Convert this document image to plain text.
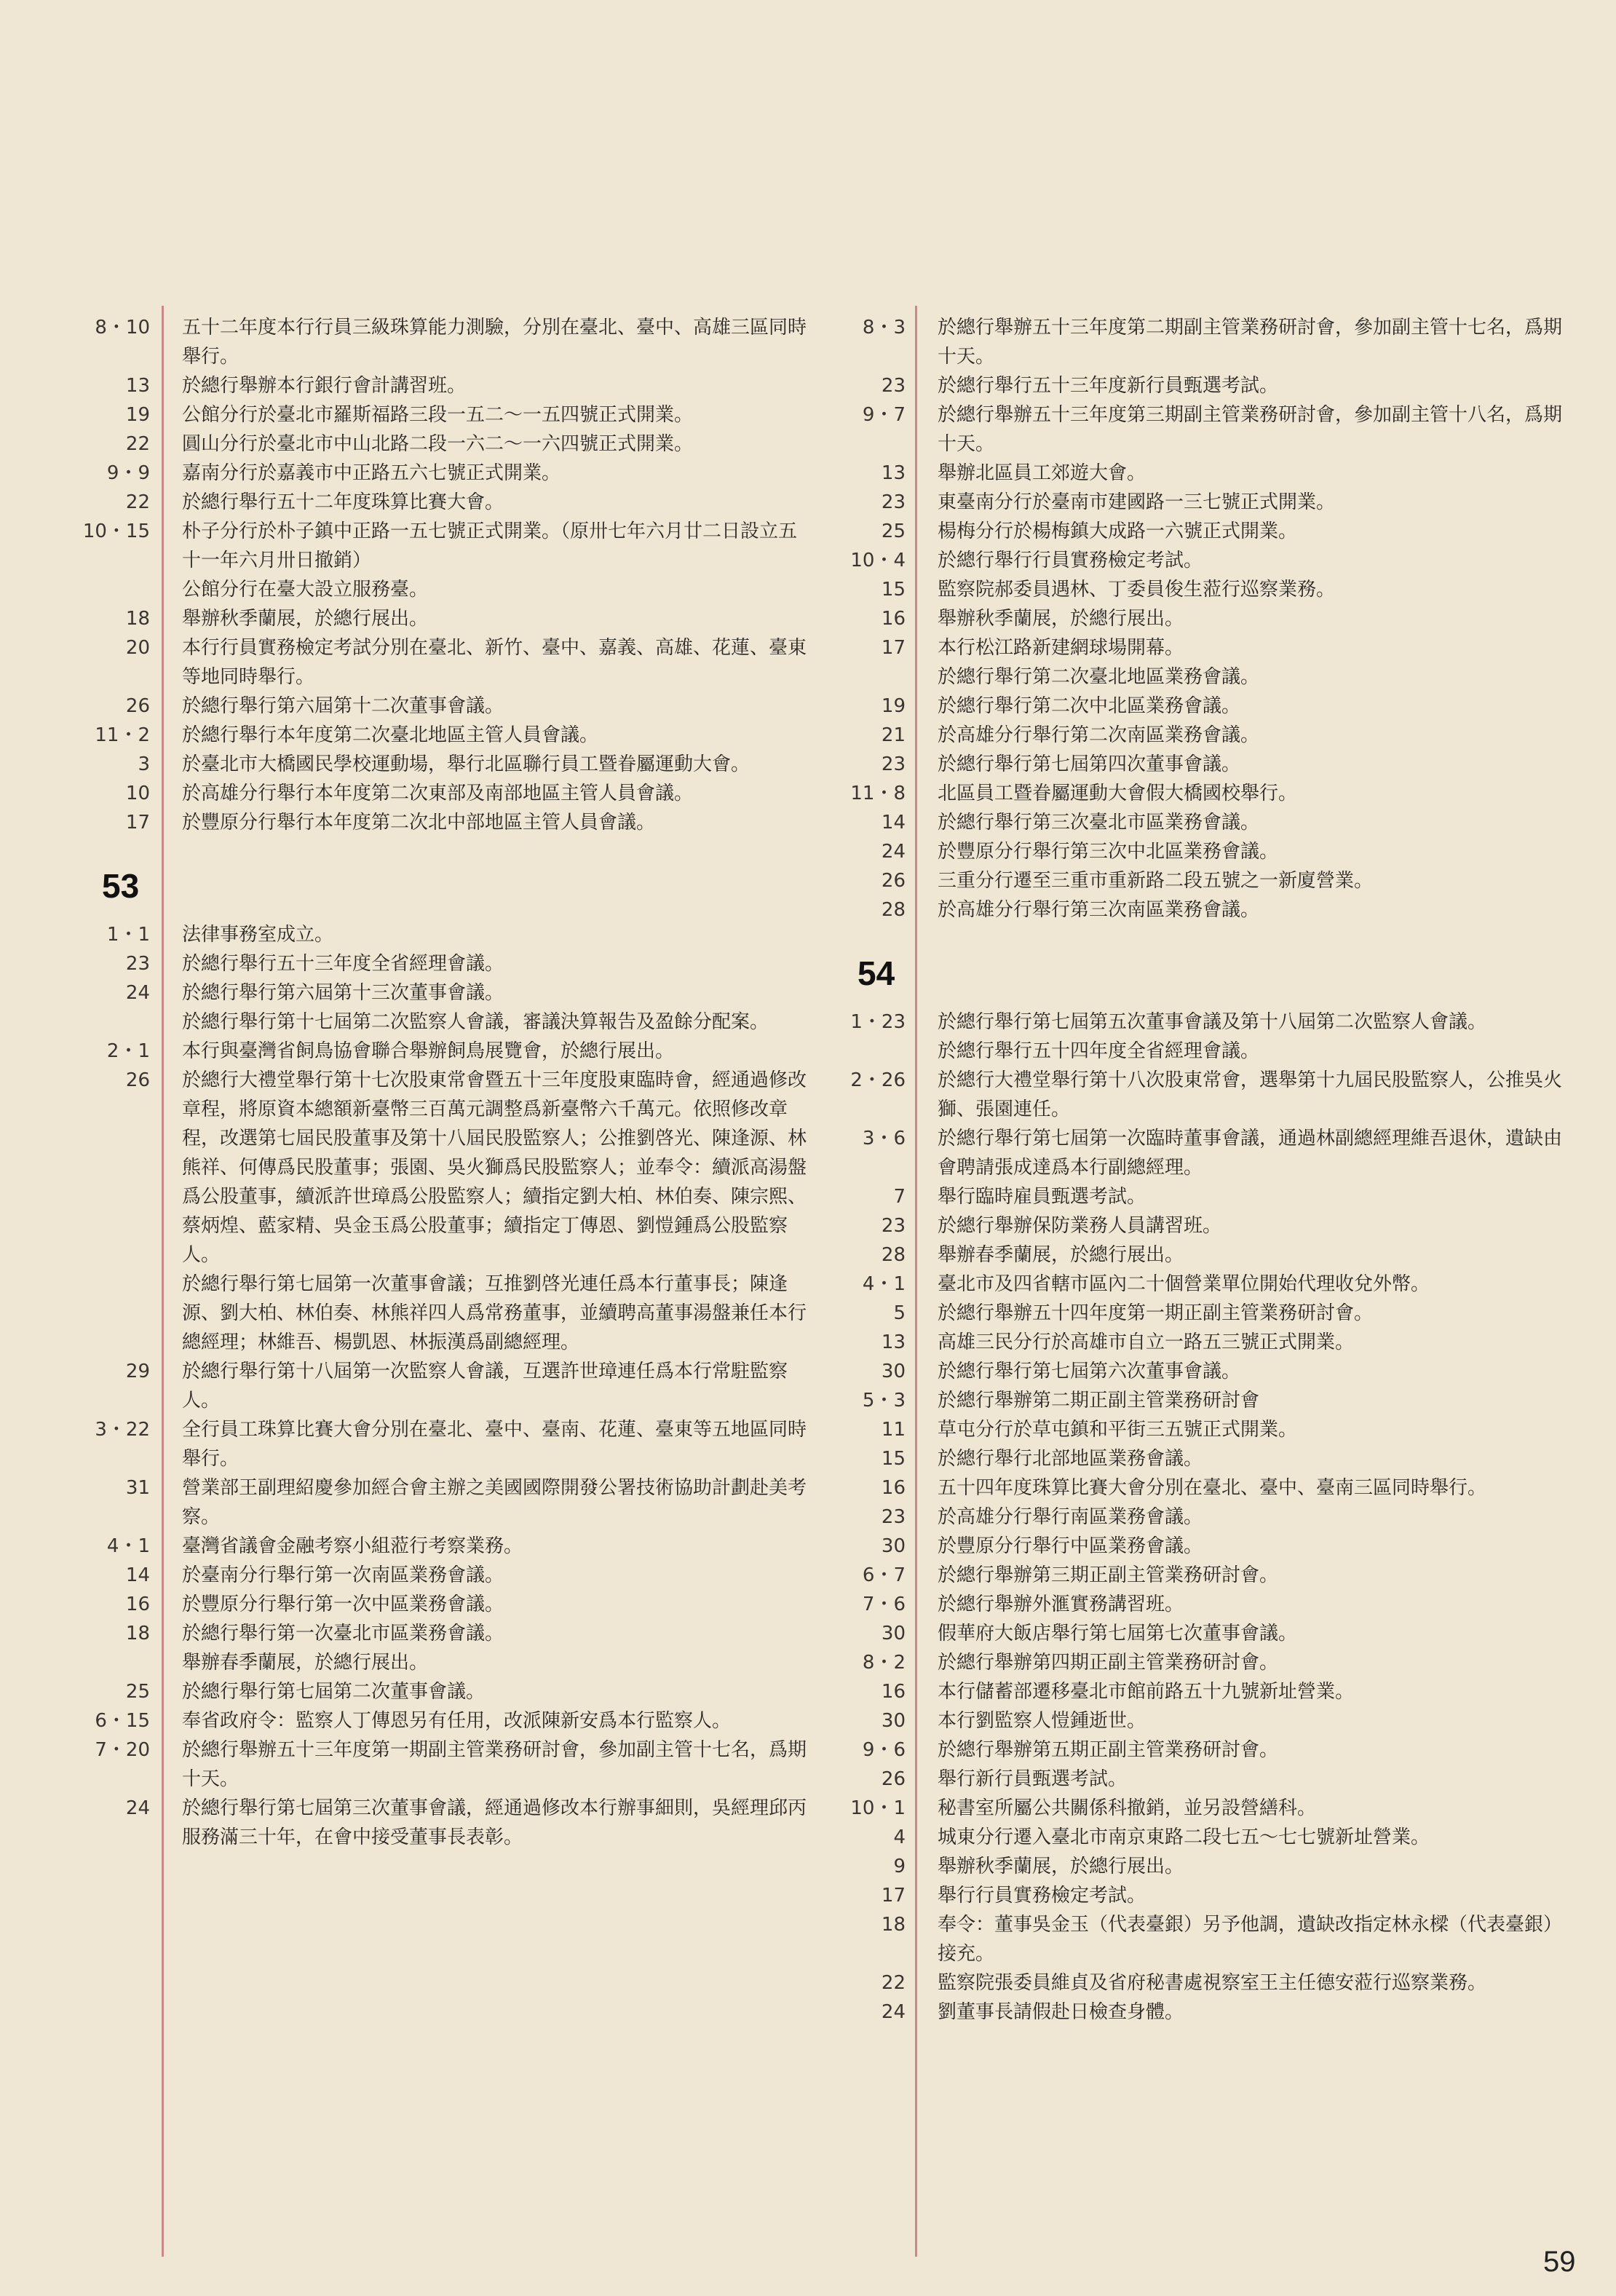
8・10	五十二年度本行行員三級珠算能力測驗，分別在臺北、臺中、高雄三區同時舉行。
13	於總行舉辦本行銀行會計講習班。
19	公館分行於臺北市羅斯福路三段一五二～一五四號正式開業。
22	圓山分行於臺北市中山北路二段一六二～一六四號正式開業。
9・9	嘉南分行於嘉義市中正路五六七號正式開業。
22	於總行舉行五十二年度珠算比賽大會。
10・15	朴子分行於朴子鎮中正路一五七號正式開業。（原卅七年六月廿二日設立五十一年六月卅日撤銷）
公館分行在臺大設立服務臺。
18	舉辦秋季蘭展，於總行展出。
20	本行行員實務檢定考試分別在臺北、新竹、臺中、嘉義、高雄、花蓮、臺東等地同時舉行。
26	於總行舉行第六屆第十二次董事會議。
11・2	於總行舉行本年度第二次臺北地區主管人員會議。
3	於臺北市大橋國民學校運動場，舉行北區聯行員工暨眷屬運動大會。
10	於高雄分行舉行本年度第二次東部及南部地區主管人員會議。
17	於豐原分行舉行本年度第二次北中部地區主管人員會議。
53
1・1	法律事務室成立。
23	於總行舉行五十三年度全省經理會議。
24	於總行舉行第六屆第十三次董事會議。
於總行舉行第十七屆第二次監察人會議，審議決算報告及盈餘分配案。
2・1	本行與臺灣省飼鳥協會聯合舉辦飼鳥展覽會，於總行展出。
26	於總行大禮堂舉行第十七次股東常會暨五十三年度股東臨時會，經通過修改章程，將原資本總額新臺幣三百萬元調整爲新臺幣六千萬元。依照修改章程，改選第七屆民股董事及第十八屆民股監察人；公推劉啓光、陳逢源、林熊祥、何傳爲民股董事；張園、吳火獅爲民股監察人；並奉令：續派高湯盤爲公股董事，續派許世璋爲公股監察人；續指定劉大柏、林伯奏、陳宗熙、蔡炳煌、藍家精、吳金玉爲公股董事；續指定丁傳恩、劉愷鍾爲公股監察人。
於總行舉行第七屆第一次董事會議；互推劉啓光連任爲本行董事長；陳逢源、劉大柏、林伯奏、林熊祥四人爲常務董事，並續聘高董事湯盤兼任本行總經理；林維吾、楊凱恩、林振漢爲副總經理。
29	於總行舉行第十八屆第一次監察人會議，互選許世璋連任爲本行常駐監察人。
3・22	全行員工珠算比賽大會分別在臺北、臺中、臺南、花蓮、臺東等五地區同時舉行。
31	營業部王副理紹慶參加經合會主辦之美國國際開發公署技術協助計劃赴美考察。
4・1	臺灣省議會金融考察小組蒞行考察業務。
14	於臺南分行舉行第一次南區業務會議。
16	於豐原分行舉行第一次中區業務會議。
18	於總行舉行第一次臺北市區業務會議。
舉辦春季蘭展，於總行展出。
25	於總行舉行第七屆第二次董事會議。
6・15	奉省政府令：監察人丁傳恩另有任用，改派陳新安爲本行監察人。
7・20	於總行舉辦五十三年度第一期副主管業務研討會，參加副主管十七名，爲期十天。
24	於總行舉行第七屆第三次董事會議，經通過修改本行辦事細則，吳經理邱丙服務滿三十年，在會中接受董事長表彰。
8・3	於總行舉辦五十三年度第二期副主管業務研討會，參加副主管十七名，爲期十天。
23	於總行舉行五十三年度新行員甄選考試。
9・7	於總行舉辦五十三年度第三期副主管業務研討會，參加副主管十八名，爲期十天。
13	舉辦北區員工郊遊大會。
23	東臺南分行於臺南市建國路一三七號正式開業。
25	楊梅分行於楊梅鎮大成路一六號正式開業。
10・4	於總行舉行行員實務檢定考試。
15	監察院郝委員遇林、丁委員俊生蒞行巡察業務。
16	舉辦秋季蘭展，於總行展出。
17	本行松江路新建網球場開幕。
於總行舉行第二次臺北地區業務會議。
19	於總行舉行第二次中北區業務會議。
21	於高雄分行舉行第二次南區業務會議。
23	於總行舉行第七屆第四次董事會議。
11・8	北區員工暨眷屬運動大會假大橋國校舉行。
14	於總行舉行第三次臺北市區業務會議。
24	於豐原分行舉行第三次中北區業務會議。
26	三重分行遷至三重市重新路二段五號之一新廈營業。
28	於高雄分行舉行第三次南區業務會議。
54
1・23	於總行舉行第七屆第五次董事會議及第十八屆第二次監察人會議。
於總行舉行五十四年度全省經理會議。
2・26	於總行大禮堂舉行第十八次股東常會，選舉第十九屆民股監察人，公推吳火獅、張園連任。
3・6	於總行舉行第七屆第一次臨時董事會議，通過林副總經理維吾退休，遺缺由會聘請張成達爲本行副總經理。
7	舉行臨時雇員甄選考試。
23	於總行舉辦保防業務人員講習班。
28	舉辦春季蘭展，於總行展出。
4・1	臺北市及四省轄市區內二十個營業單位開始代理收兌外幣。
5	於總行舉辦五十四年度第一期正副主管業務研討會。
13	高雄三民分行於高雄市自立一路五三號正式開業。
30	於總行舉行第七屆第六次董事會議。
5・3	於總行舉辦第二期正副主管業務研討會
11	草屯分行於草屯鎮和平街三五號正式開業。
15	於總行舉行北部地區業務會議。
16	五十四年度珠算比賽大會分別在臺北、臺中、臺南三區同時舉行。
23	於高雄分行舉行南區業務會議。
30	於豐原分行舉行中區業務會議。
6・7	於總行舉辦第三期正副主管業務研討會。
7・6	於總行舉辦外滙實務講習班。
30	假華府大飯店舉行第七屆第七次董事會議。
8・2	於總行舉辦第四期正副主管業務研討會。
16	本行儲蓄部遷移臺北市館前路五十九號新址營業。
30	本行劉監察人愷鍾逝世。
9・6	於總行舉辦第五期正副主管業務研討會。
26	舉行新行員甄選考試。
10・1	秘書室所屬公共關係科撤銷，並另設營繕科。
4	城東分行遷入臺北市南京東路二段七五～七七號新址營業。
9	舉辦秋季蘭展，於總行展出。
17	舉行行員實務檢定考試。
18	奉令：董事吳金玉（代表臺銀）另予他調，遺缺改指定林永樑（代表臺銀）接充。
22	監察院張委員維貞及省府秘書處視察室王主任德安蒞行巡察業務。
24	劉董事長請假赴日檢查身體。
59
